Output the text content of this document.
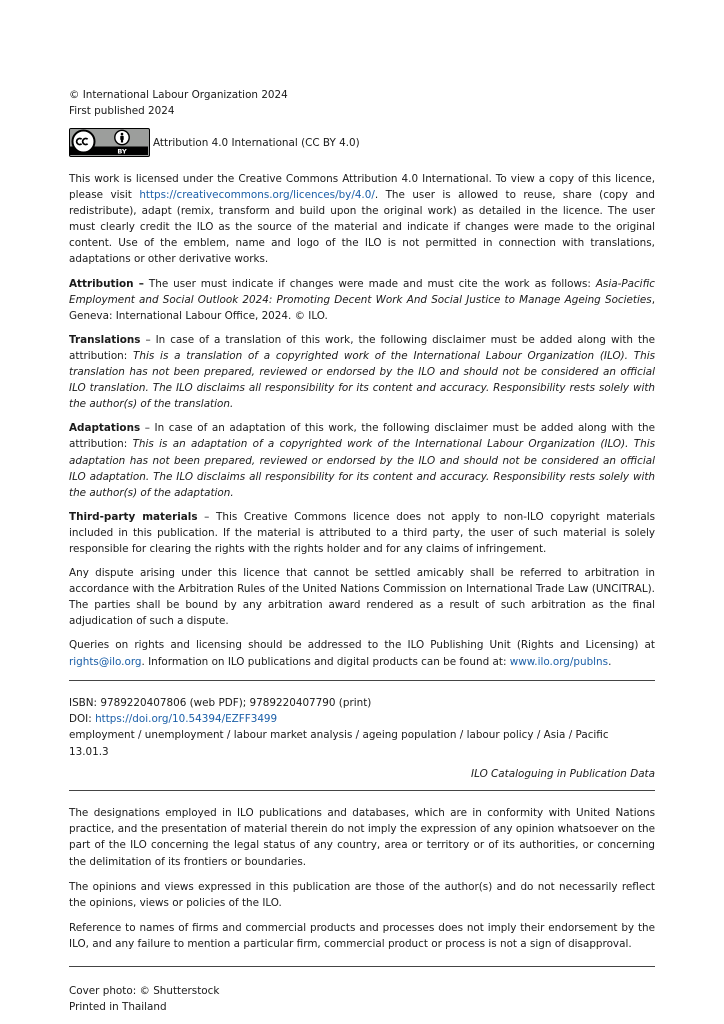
© International Labour Organization 2024

First published 2024

BY
Attribution 4.0 International (CC BY 4.0)

This work is licensed under the Creative Commons Attribution 4.0 International. To view a copy of this licence, please visit https://creativecommons.org/licences/by/4.0/. The user is allowed to reuse, share (copy and redistribute), adapt (remix, transform and build upon the original work) as detailed in the licence. The user must clearly credit the ILO as the source of the material and indicate if changes were made to the original content. Use of the emblem, name and logo of the ILO is not permitted in connection with translations, adaptations or other derivative works.

Attribution – The user must indicate if changes were made and must cite the work as follows: Asia-Pacific Employment and Social Outlook 2024: Promoting Decent Work And Social Justice to Manage Ageing Societies, Geneva: International Labour Office, 2024. © ILO.

Translations – In case of a translation of this work, the following disclaimer must be added along with the attribution: This is a translation of a copyrighted work of the International Labour Organization (ILO). This translation has not been prepared, reviewed or endorsed by the ILO and should not be considered an official ILO translation. The ILO disclaims all responsibility for its content and accuracy. Responsibility rests solely with the author(s) of the translation.

Adaptations – In case of an adaptation of this work, the following disclaimer must be added along with the attribution: This is an adaptation of a copyrighted work of the International Labour Organization (ILO). This adaptation has not been prepared, reviewed or endorsed by the ILO and should not be considered an official ILO adaptation. The ILO disclaims all responsibility for its content and accuracy. Responsibility rests solely with the author(s) of the adaptation.

Third-party materials – This Creative Commons licence does not apply to non-ILO copyright materials included in this publication. If the material is attributed to a third party, the user of such material is solely responsible for clearing the rights with the rights holder and for any claims of infringement.

Any dispute arising under this licence that cannot be settled amicably shall be referred to arbitration in accordance with the Arbitration Rules of the United Nations Commission on International Trade Law (UNCITRAL). The parties shall be bound by any arbitration award rendered as a result of such arbitration as the final adjudication of such a dispute.

Queries on rights and licensing should be addressed to the ILO Publishing Unit (Rights and Licensing) at rights@ilo.org. Information on ILO publications and digital products can be found at: www.ilo.org/publns.

ISBN: 9789220407806 (web PDF); 9789220407790 (print)

DOI: https://doi.org/10.54394/EZFF3499

employment / unemployment / labour market analysis / ageing population / labour policy / Asia / Pacific

13.01.3

ILO Cataloguing in Publication Data

The designations employed in ILO publications and databases, which are in conformity with United Nations practice, and the presentation of material therein do not imply the expression of any opinion whatsoever on the part of the ILO concerning the legal status of any country, area or territory or of its authorities, or concerning the delimitation of its frontiers or boundaries.

The opinions and views expressed in this publication are those of the author(s) and do not necessarily reflect the opinions, views or policies of the ILO.

Reference to names of firms and commercial products and processes does not imply their endorsement by the ILO, and any failure to mention a particular firm, commercial product or process is not a sign of disapproval.

Cover photo: © Shutterstock

Printed in Thailand
